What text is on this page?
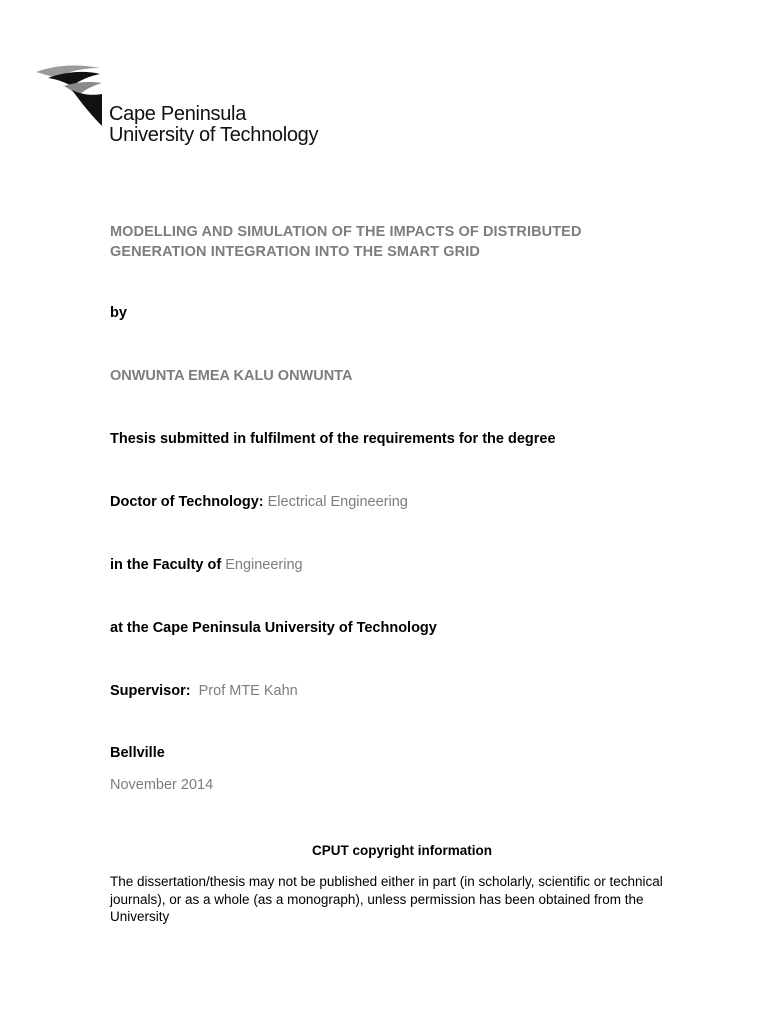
Cape Peninsula
University of Technology
MODELLING AND SIMULATION OF THE IMPACTS OF DISTRIBUTED
GENERATION INTEGRATION INTO THE SMART GRID
by
ONWUNTA EMEA KALU ONWUNTA
Thesis submitted in fulfilment of the requirements for the degree
Doctor of Technology: Electrical Engineering
in the Faculty of Engineering
at the Cape Peninsula University of Technology
Supervisor: Prof MTE Kahn
Bellville
November 2014
CPUT copyright information
The dissertation/thesis may not be published either in part (in scholarly, scientific or technical
journals), or as a whole (as a monograph), unless permission has been obtained from the
University
